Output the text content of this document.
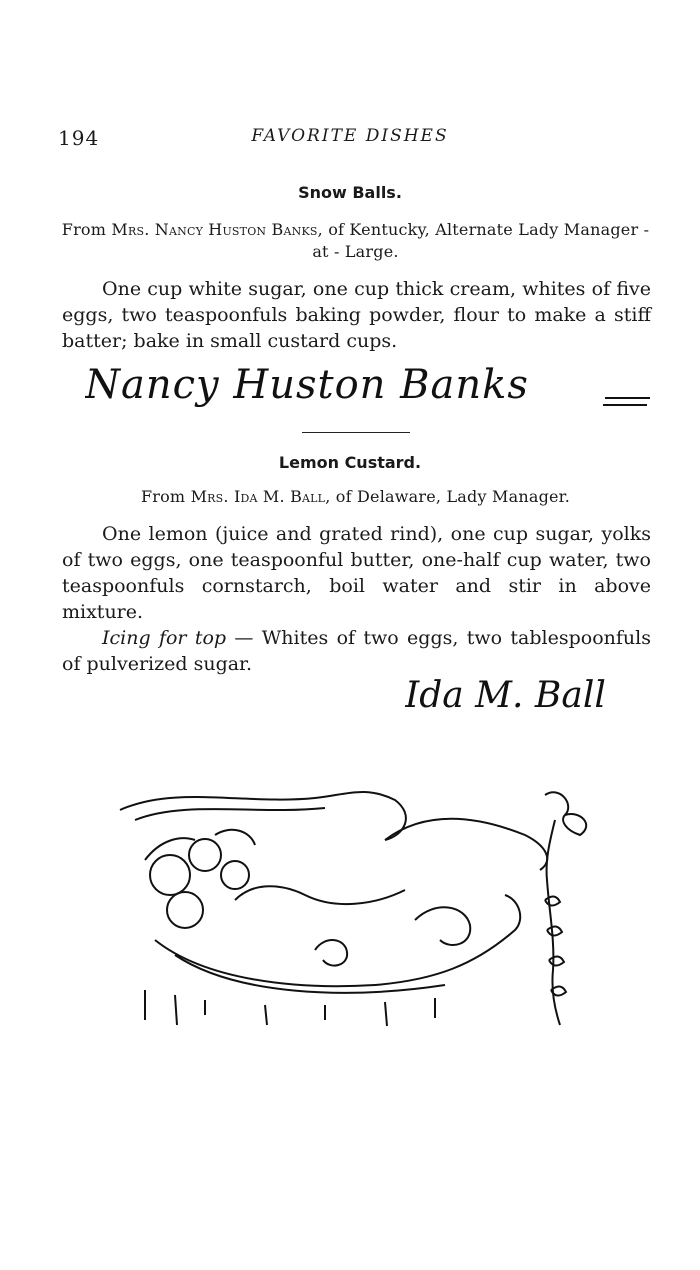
194	FAVORITE DISHES
Snow Balls.
From Mrs. Nancy Huston Banks, of Kentucky, Alternate Lady Manager - at - Large.

One cup white sugar, one cup thick cream, whites of five eggs, two teaspoonfuls baking powder, flour to make a stiff batter; bake in small custard cups.

Nancy Huston Banks
Lemon Custard.
From Mrs. Ida M. Ball, of Delaware, Lady Manager.

One lemon (juice and grated rind), one cup sugar, yolks of two eggs, one teaspoonful butter, one-half cup water, two teaspoonfuls cornstarch, boil water and stir in above mixture.

Icing for top — Whites of two eggs, two tablespoonfuls of pulverized sugar.

Ida M. Ball
